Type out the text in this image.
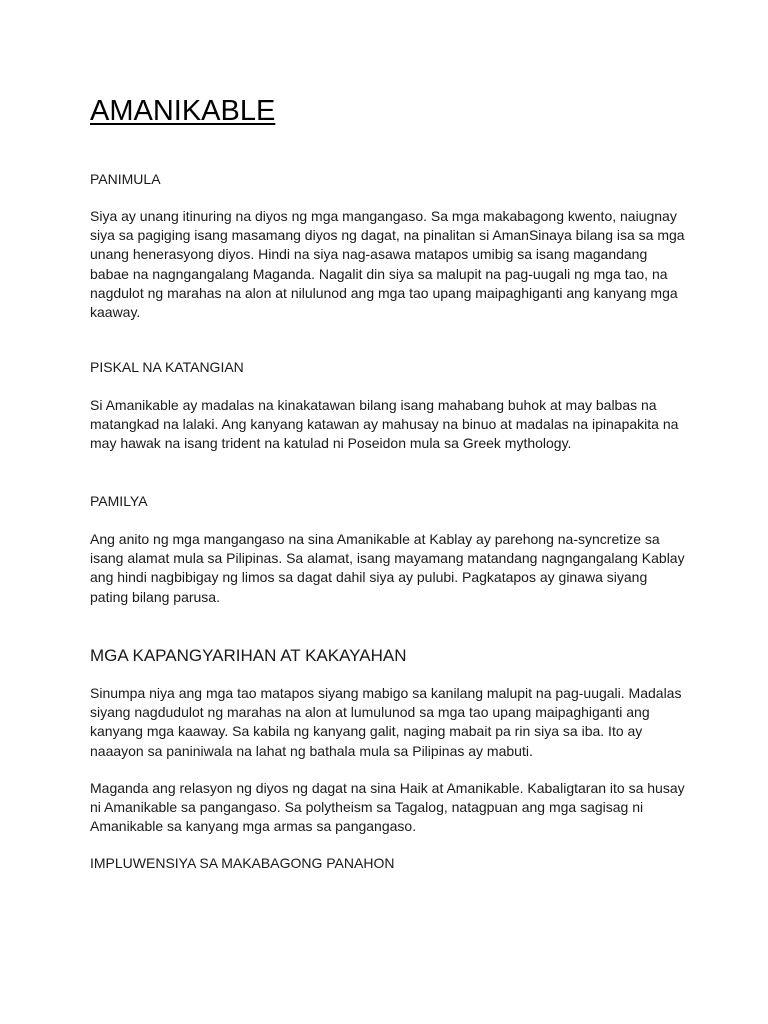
AMANIKABLE
PANIMULA

Siya ay unang itinuring na diyos ng mga mangangaso. Sa mga makabagong kwento, naiugnay
siya sa pagiging isang masamang diyos ng dagat, na pinalitan si AmanSinaya bilang isa sa mga
unang henerasyong diyos. Hindi na siya nag-asawa matapos umibig sa isang magandang
babae na nagngangalang Maganda. Nagalit din siya sa malupit na pag-uugali ng mga tao, na
nagdulot ng marahas na alon at nilulunod ang mga tao upang maipaghiganti ang kanyang mga
kaaway.

PISKAL NA KATANGIAN

Si Amanikable ay madalas na kinakatawan bilang isang mahabang buhok at may balbas na
matangkad na lalaki. Ang kanyang katawan ay mahusay na binuo at madalas na ipinapakita na
may hawak na isang trident na katulad ni Poseidon mula sa Greek mythology.

PAMILYA

Ang anito ng mga mangangaso na sina Amanikable at Kablay ay parehong na-syncretize sa
isang alamat mula sa Pilipinas. Sa alamat, isang mayamang matandang nagngangalang Kablay
ang hindi nagbibigay ng limos sa dagat dahil siya ay pulubi. Pagkatapos ay ginawa siyang
pating bilang parusa.

MGA KAPANGYARIHAN AT KAKAYAHAN

Sinumpa niya ang mga tao matapos siyang mabigo sa kanilang malupit na pag-uugali. Madalas
siyang nagdudulot ng marahas na alon at lumulunod sa mga tao upang maipaghiganti ang
kanyang mga kaaway. Sa kabila ng kanyang galit, naging mabait pa rin siya sa iba. Ito ay
naaayon sa paniniwala na lahat ng bathala mula sa Pilipinas ay mabuti.

Maganda ang relasyon ng diyos ng dagat na sina Haik at Amanikable. Kabaligtaran ito sa husay
ni Amanikable sa pangangaso. Sa polytheism sa Tagalog, natagpuan ang mga sagisag ni
Amanikable sa kanyang mga armas sa pangangaso.

IMPLUWENSIYA SA MAKABAGONG PANAHON
